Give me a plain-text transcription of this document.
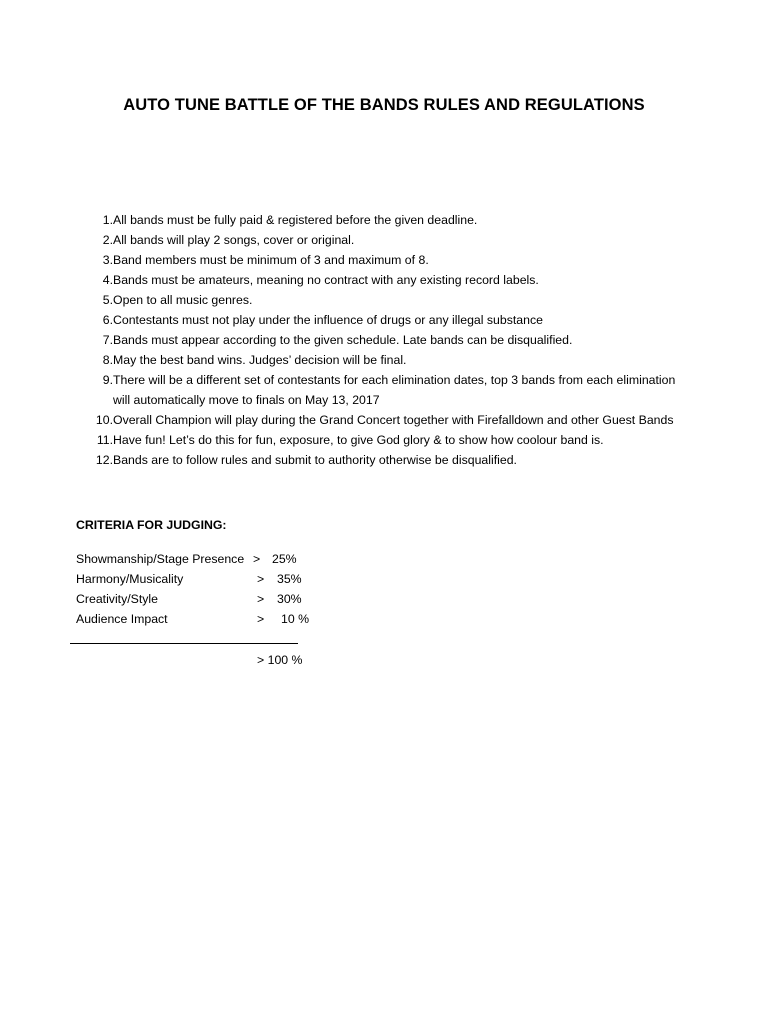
AUTO TUNE BATTLE OF THE BANDS RULES AND REGULATIONS
1. All bands must be fully paid & registered before the given deadline.
2. All bands will play 2 songs, cover or original.
3. Band members must be minimum of 3 and maximum of 8.
4. Bands must be amateurs, meaning no contract with any existing record labels.
5. Open to all music genres.
6. Contestants must not play under the influence of drugs or any illegal substance
7. Bands must appear according to the given schedule. Late bands can be disqualified.
8. May the best band wins. Judges’ decision will be final.
9. There will be a different set of contestants for each elimination dates, top 3 bands from each elimination
will automatically move to finals on May 13, 2017
10. Overall Champion will play during the Grand Concert together with Firefalldown and other Guest Bands
11. Have fun! Let’s do this for fun, exposure, to give God glory & to show how coolour band is.
12. Bands are to follow rules and submit to authority otherwise be disqualified.
CRITERIA FOR JUDGING:
Showmanship/Stage Presence > 25%
Harmony/Musicality	> 35%
Creativity/Style	> 30%
Audience Impact	> 10 %
> 100 %
